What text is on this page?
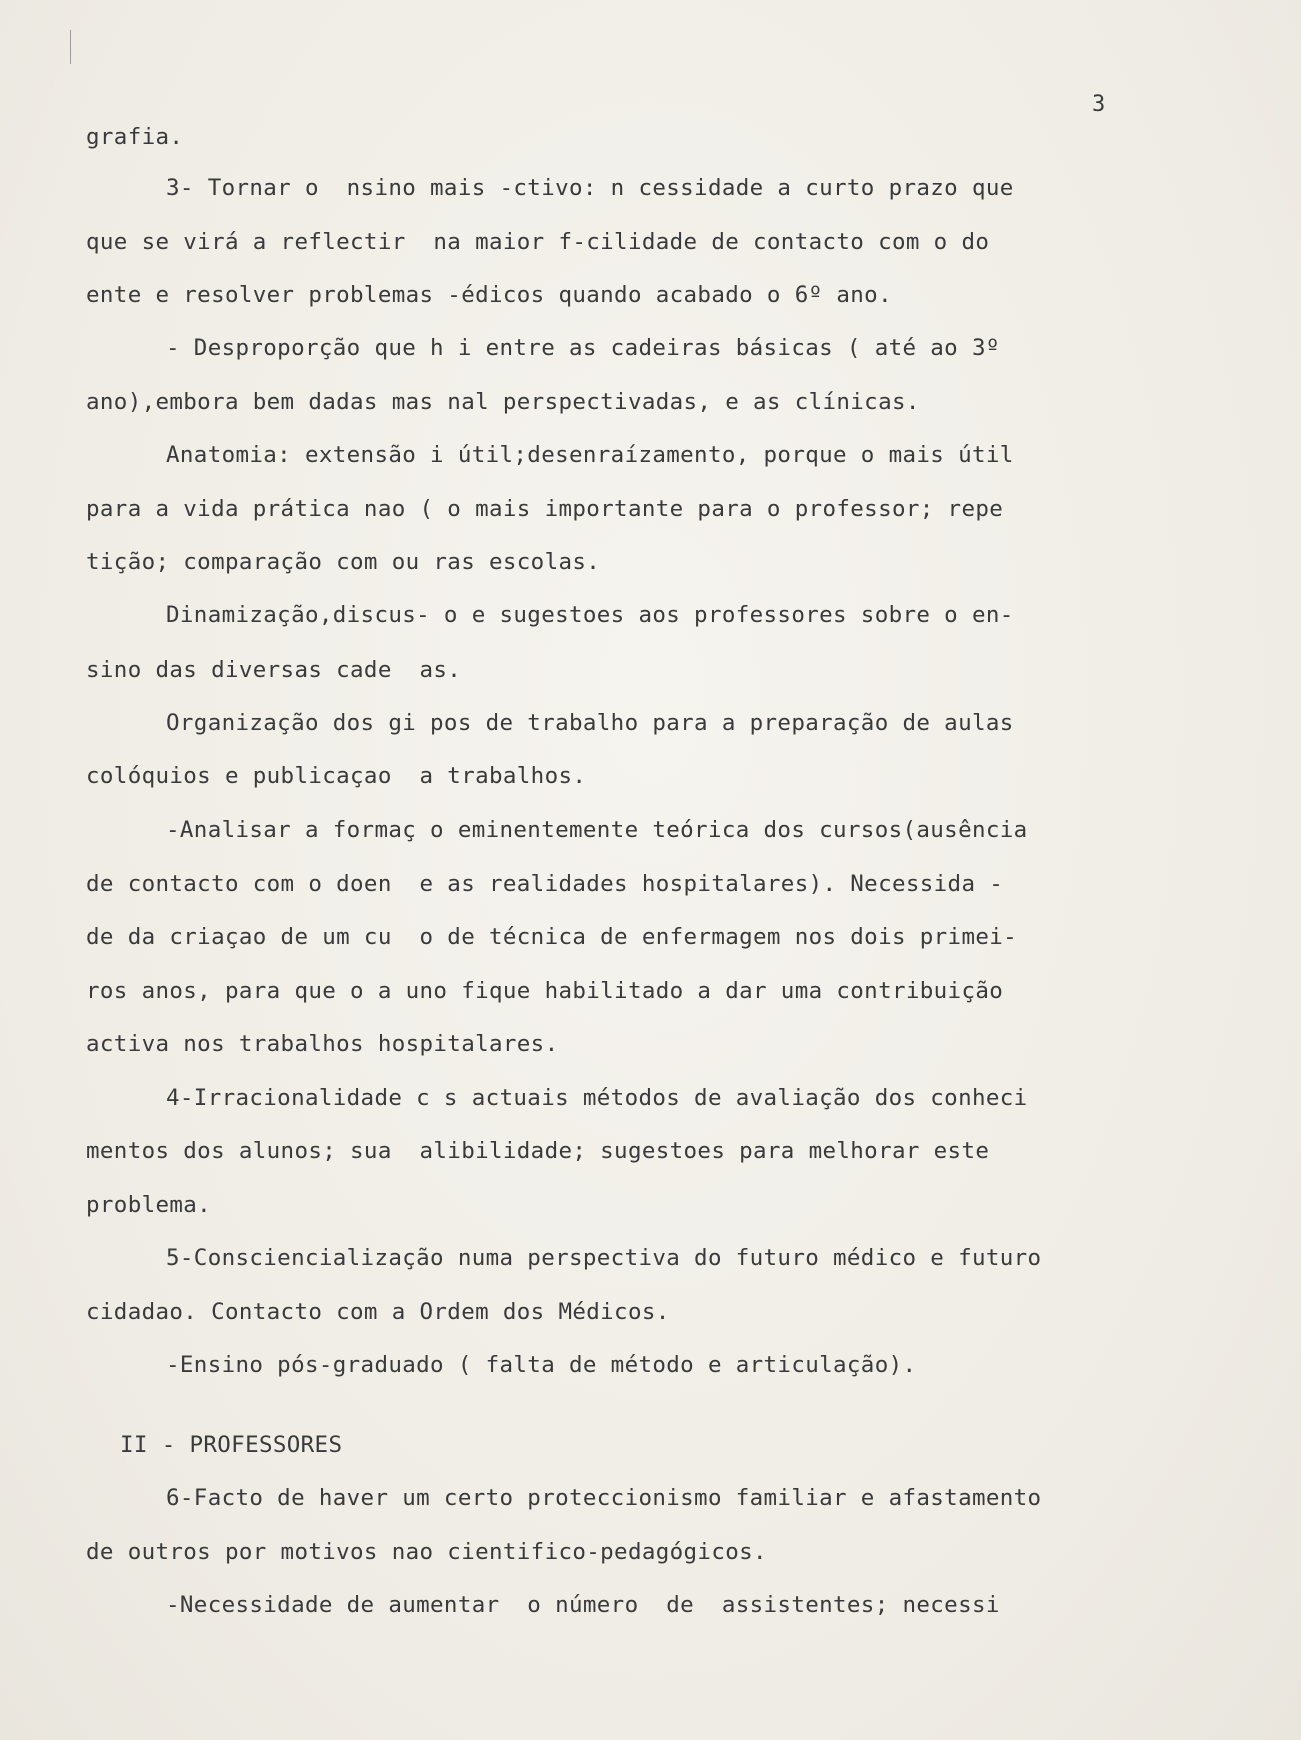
3
grafia.
3- Tornar o  nsino mais -ctivo: n cessidade a curto prazo que
que se virá a reflectir  na maior f-cilidade de contacto com o do
ente e resolver problemas -édicos quando acabado o 6º ano.
- Desproporção que h i entre as cadeiras básicas ( até ao 3º
ano),embora bem dadas mas nal perspectivadas, e as clínicas.
Anatomia: extensão i útil;desenraízamento, porque o mais útil
para a vida prática nao ( o mais importante para o professor; repe
tição; comparação com ou ras escolas.
Dinamização,discus- o e sugestoes aos professores sobre o en-
sino das diversas cade  as.
Organização dos gi pos de trabalho para a preparação de aulas
colóquios e publicaçao  a trabalhos.
-Analisar a formaç o eminentemente teórica dos cursos(ausência
de contacto com o doen  e as realidades hospitalares). Necessida -
de da criaçao de um cu  o de técnica de enfermagem nos dois primei-
ros anos, para que o a uno fique habilitado a dar uma contribuição
activa nos trabalhos hospitalares.
4-Irracionalidade c s actuais métodos de avaliação dos conheci
mentos dos alunos; sua  alibilidade; sugestoes para melhorar este
problema.
5-Consciencialização numa perspectiva do futuro médico e futuro
cidadao. Contacto com a Ordem dos Médicos.
-Ensino pós-graduado ( falta de método e articulação).
II - PROFESSORES
6-Facto de haver um certo proteccionismo familiar e afastamento
de outros por motivos nao cientifico-pedagógicos.
-Necessidade de aumentar  o número  de  assistentes; necessi
